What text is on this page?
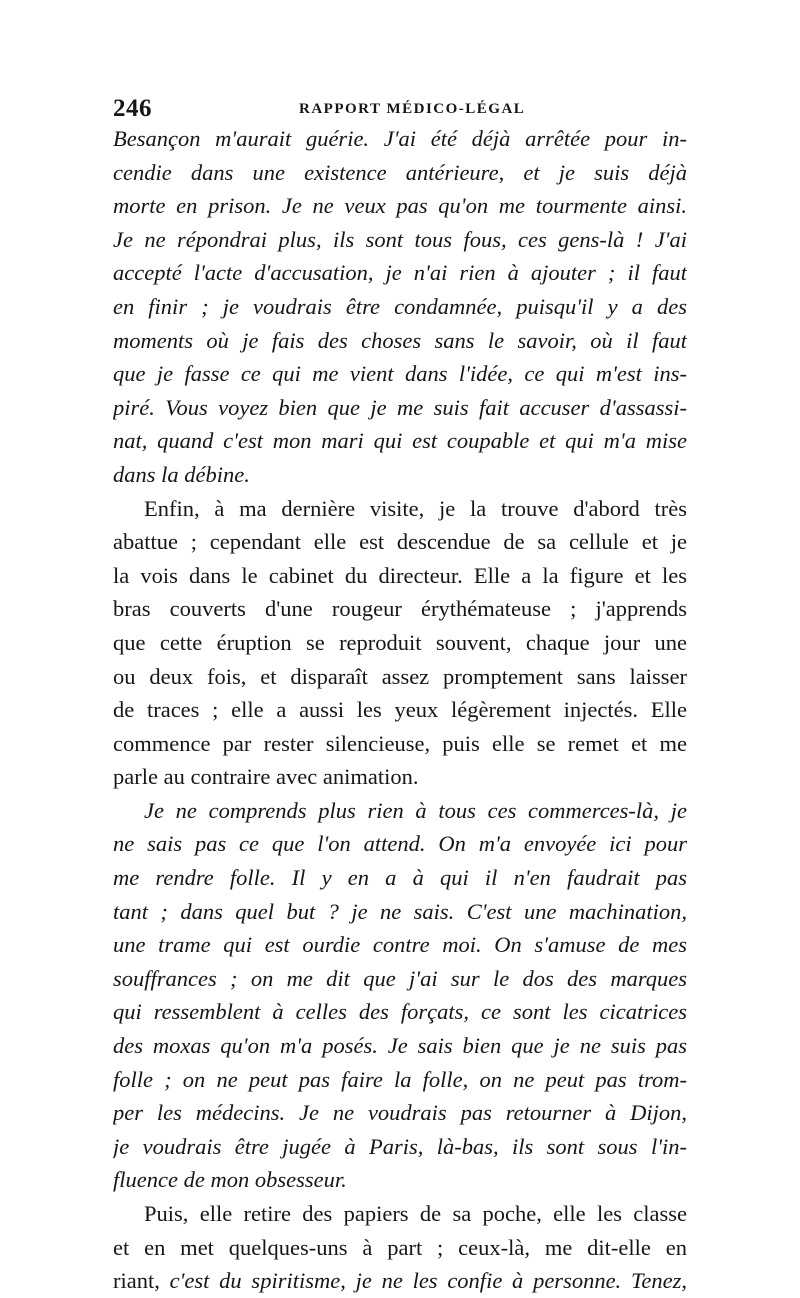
246	RAPPORT MÉDICO-LÉGAL
Besançon m'aurait guérie. J'ai été déjà arrêtée pour in-
cendie dans une existence antérieure, et je suis déjà
morte en prison. Je ne veux pas qu'on me tourmente ainsi.
Je ne répondrai plus, ils sont tous fous, ces gens-là ! J'ai
accepté l'acte d'accusation, je n'ai rien à ajouter ; il faut
en finir ; je voudrais être condamnée, puisqu'il y a des
moments où je fais des choses sans le savoir, où il faut
que je fasse ce qui me vient dans l'idée, ce qui m'est ins-
piré. Vous voyez bien que je me suis fait accuser d'assassi-
nat, quand c'est mon mari qui est coupable et qui m'a mise
dans la débine.
Enfin, à ma dernière visite, je la trouve d'abord très
abattue ; cependant elle est descendue de sa cellule et je
la vois dans le cabinet du directeur. Elle a la figure et les
bras couverts d'une rougeur érythémateuse ; j'apprends
que cette éruption se reproduit souvent, chaque jour une
ou deux fois, et disparaît assez promptement sans laisser
de traces ; elle a aussi les yeux légèrement injectés. Elle
commence par rester silencieuse, puis elle se remet et me
parle au contraire avec animation.
Je ne comprends plus rien à tous ces commerces-là, je
ne sais pas ce que l'on attend. On m'a envoyée ici pour
me rendre folle. Il y en a à qui il n'en faudrait pas
tant ; dans quel but ? je ne sais. C'est une machination,
une trame qui est ourdie contre moi. On s'amuse de mes
souffrances ; on me dit que j'ai sur le dos des marques
qui ressemblent à celles des forçats, ce sont les cicatrices
des moxas qu'on m'a posés. Je sais bien que je ne suis pas
folle ; on ne peut pas faire la folle, on ne peut pas trom-
per les médecins. Je ne voudrais pas retourner à Dijon,
je voudrais être jugée à Paris, là-bas, ils sont sous l'in-
fluence de mon obsesseur.
Puis, elle retire des papiers de sa poche, elle les classe
et en met quelques-uns à part ; ceux-là, me dit-elle en
riant, c'est du spiritisme, je ne les confie à personne. Tenez,
